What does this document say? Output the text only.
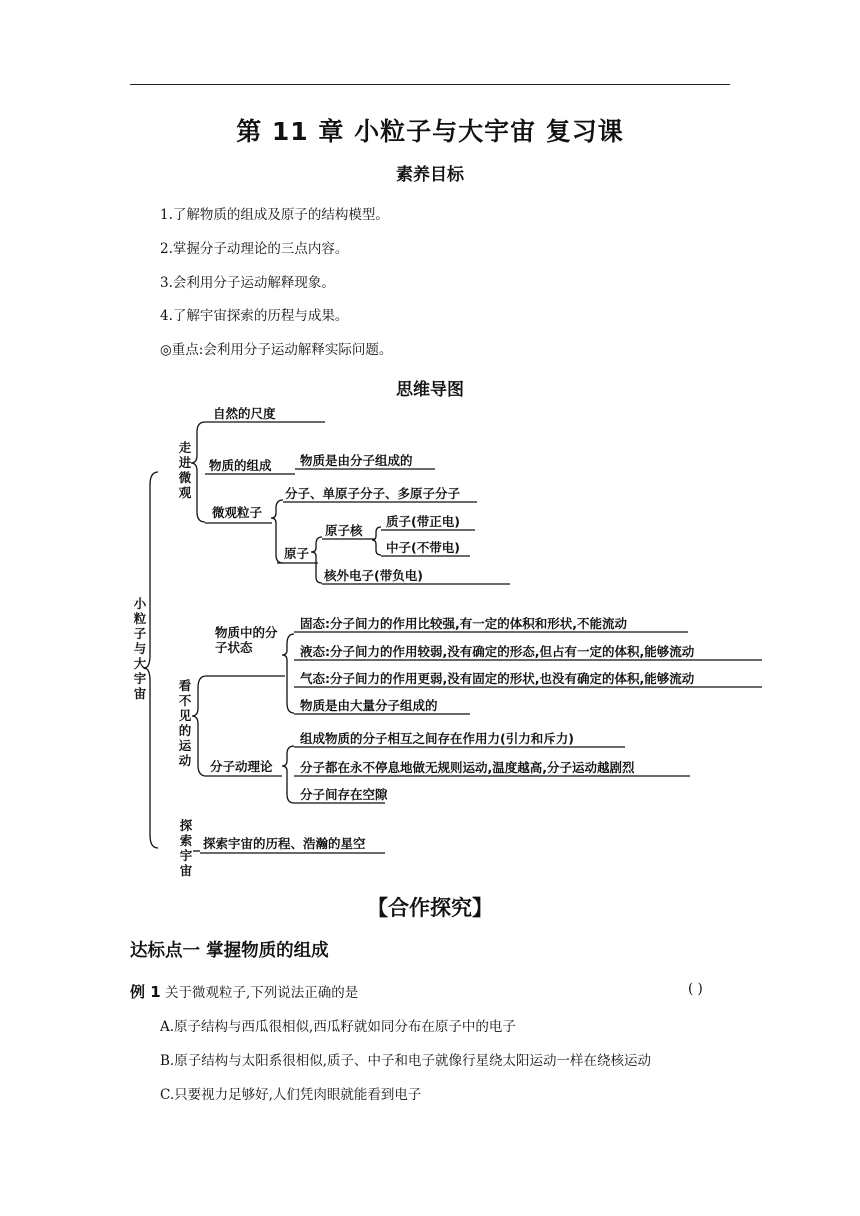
第 11 章 小粒子与大宇宙 复习课
素养目标
1.了解物质的组成及原子的结构模型。
2.掌握分子动理论的三点内容。
3.会利用分子运动解释现象。
4.了解宇宙探索的历程与成果。
◎重点:会利用分子运动解释实际问题。
思维导图
小粒子与大宇宙
走进微观
看不见的运动
探索宇宙
自然的尺度
物质的组成 物质是由分子组成的
微观粒子
分子、单原子分子、多原子分子
原子
原子核
质子(带正电)
中子(不带电)
核外电子(带负电)
物质中的分子状态
固态:分子间力的作用比较强,有一定的体积和形状,不能流动
液态:分子间力的作用较弱,没有确定的形态,但占有一定的体积,能够流动
气态:分子间力的作用更弱,没有固定的形状,也没有确定的体积,能够流动
物质是由大量分子组成的
分子动理论
组成物质的分子相互之间存在作用力(引力和斥力)
分子都在永不停息地做无规则运动,温度越高,分子运动越剧烈
分子间存在空隙
探索宇宙的历程、浩瀚的星空
【合作探究】
达标点一 掌握物质的组成
例 1 关于微观粒子,下列说法正确的是	( )
A.原子结构与西瓜很相似,西瓜籽就如同分布在原子中的电子
B.原子结构与太阳系很相似,质子、中子和电子就像行星绕太阳运动一样在绕核运动
C.只要视力足够好,人们凭肉眼就能看到电子
